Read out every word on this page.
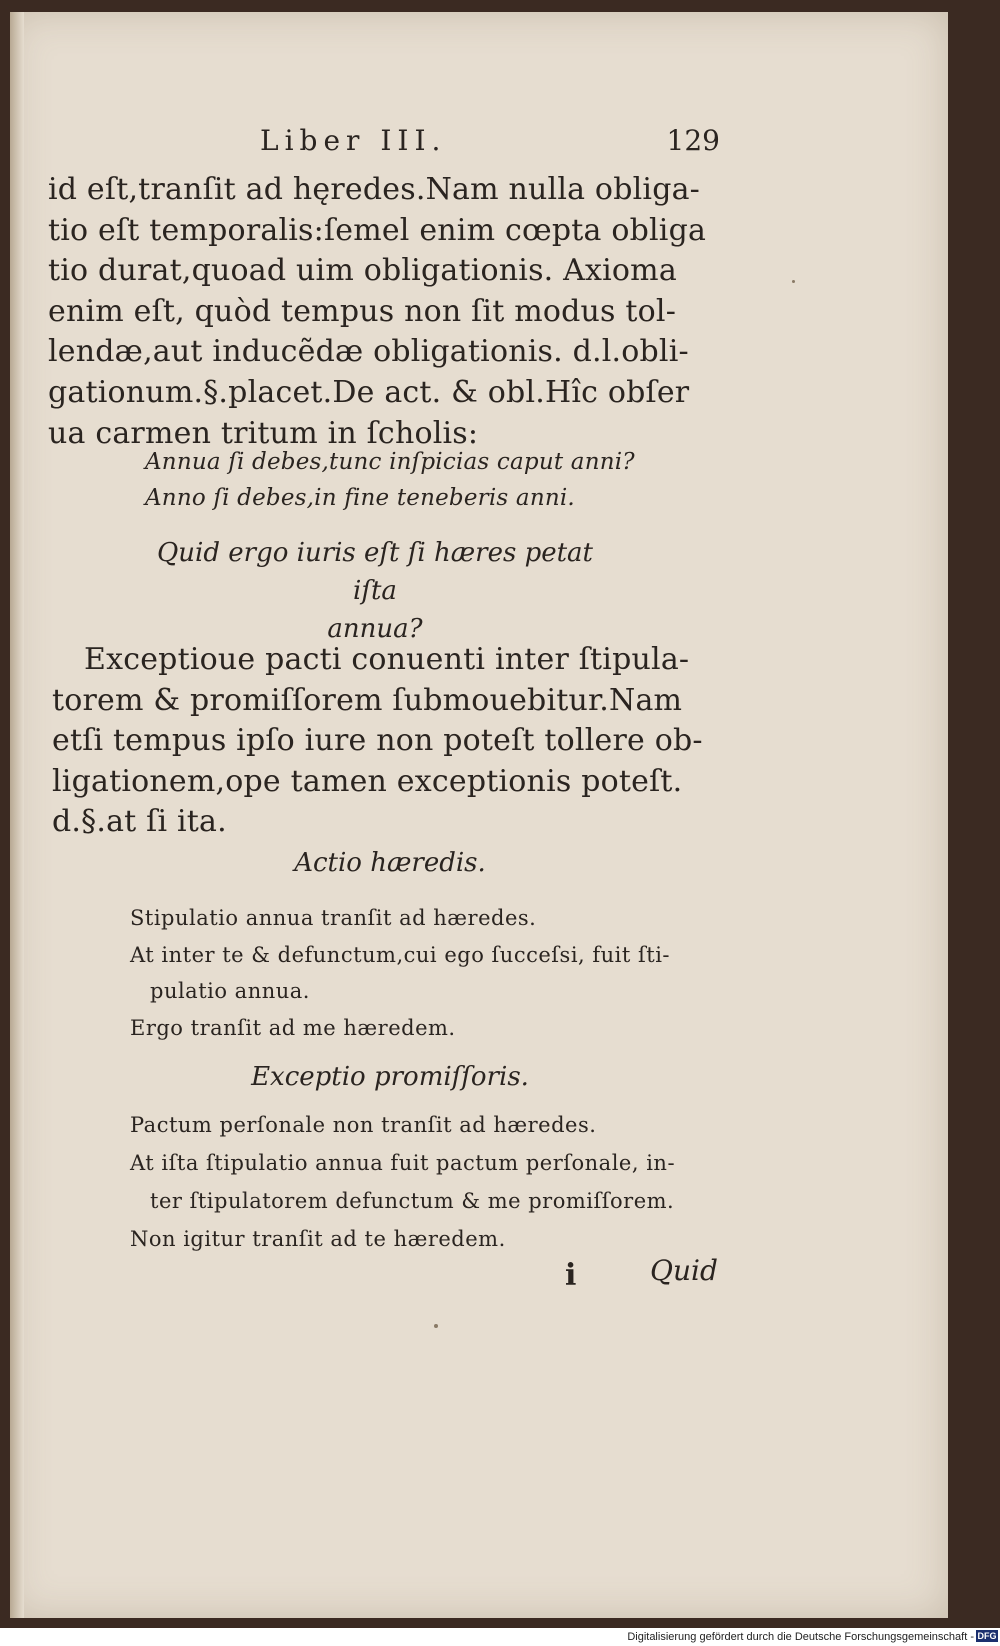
Liber III.	129
id eſt,tranſit ad hęredes.Nam nulla obliga-
tio eſt temporalis:ſemel enim cœpta obliga
tio durat,quoad uim obligationis. Axioma
enim eſt, quòd tempus non ſit modus tol-
lendæ,aut inducẽdæ obligationis. d.l.obli-
gationum.§.placet.De act. & obl.Hîc obſer
ua carmen tritum in ſcholis:
Annua ſi debes,tunc inſpicias caput anni?
Anno ſi debes,in fine teneberis anni.
Quid ergo iuris eſt ſi hæres petat iſta
annua?
Exceptioue pacti conuenti inter ſtipula-
torem & promiſſorem ſubmouebitur.Nam
etſi tempus ipſo iure non poteſt tollere ob-
ligationem,ope tamen exceptionis poteſt.
d.§.at ſi ita.
Actio hæredis.
Stipulatio annua tranſit ad hæredes.
At inter te & defunctum,cui ego ſucceſsi, fuit ſti-
pulatio annua.
Ergo tranſit ad me hæredem.
Exceptio promiſſoris.
Pactum perſonale non tranſit ad hæredes.
At iſta ſtipulatio annua fuit pactum perſonale, in-
ter ſtipulatorem defunctum & me promiſſorem.
Non igitur tranſit ad te hæredem.
i	Quid
Digitalisierung gefördert durch die Deutsche Forschungsgemeinschaft - DFG
